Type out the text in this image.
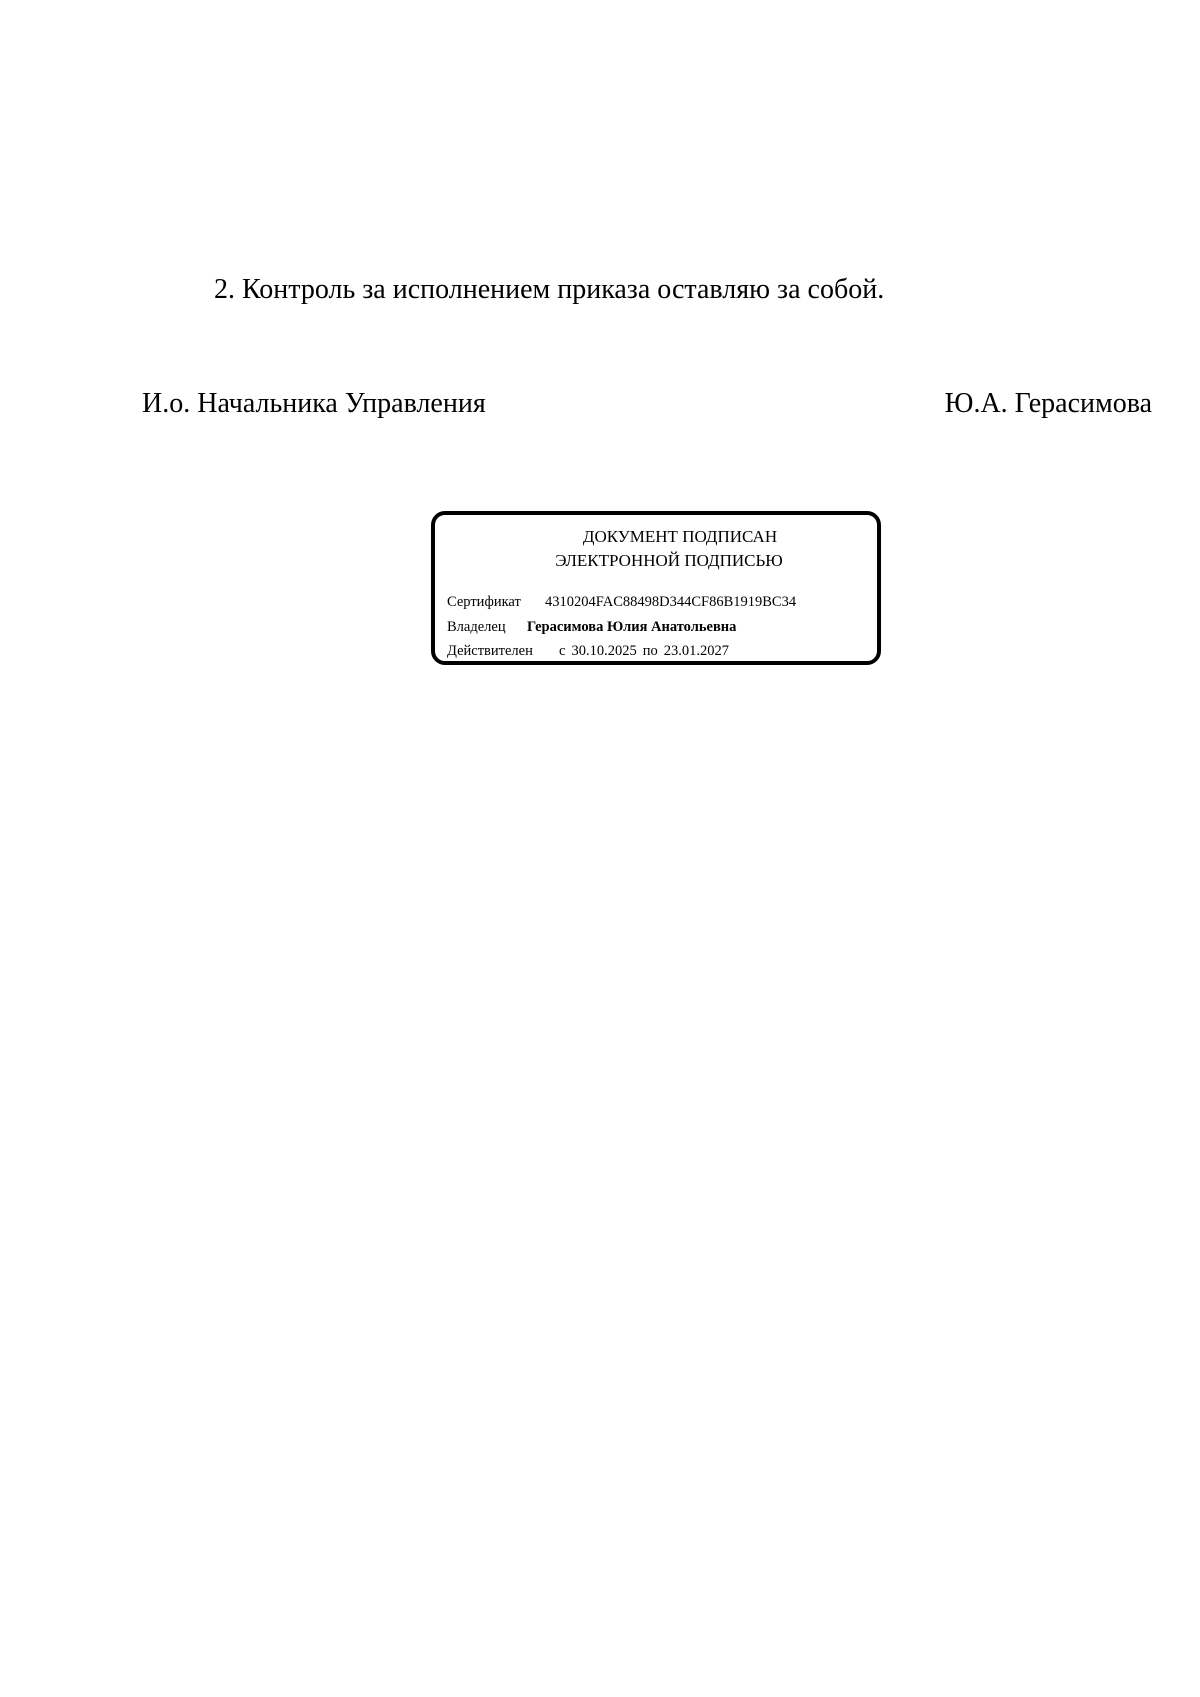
2. Контроль за исполнением приказа оставляю за собой.
И.о. Начальника Управления	Ю.А. Герасимова
ДОКУМЕНТ ПОДПИСАН
ЭЛЕКТРОННОЙ ПОДПИСЬЮ
Сертификат 4310204FAC88498D344CF86B1919BC34
Владелец Герасимова Юлия Анатольевна
Действителен с 30.10.2025 по 23.01.2027
